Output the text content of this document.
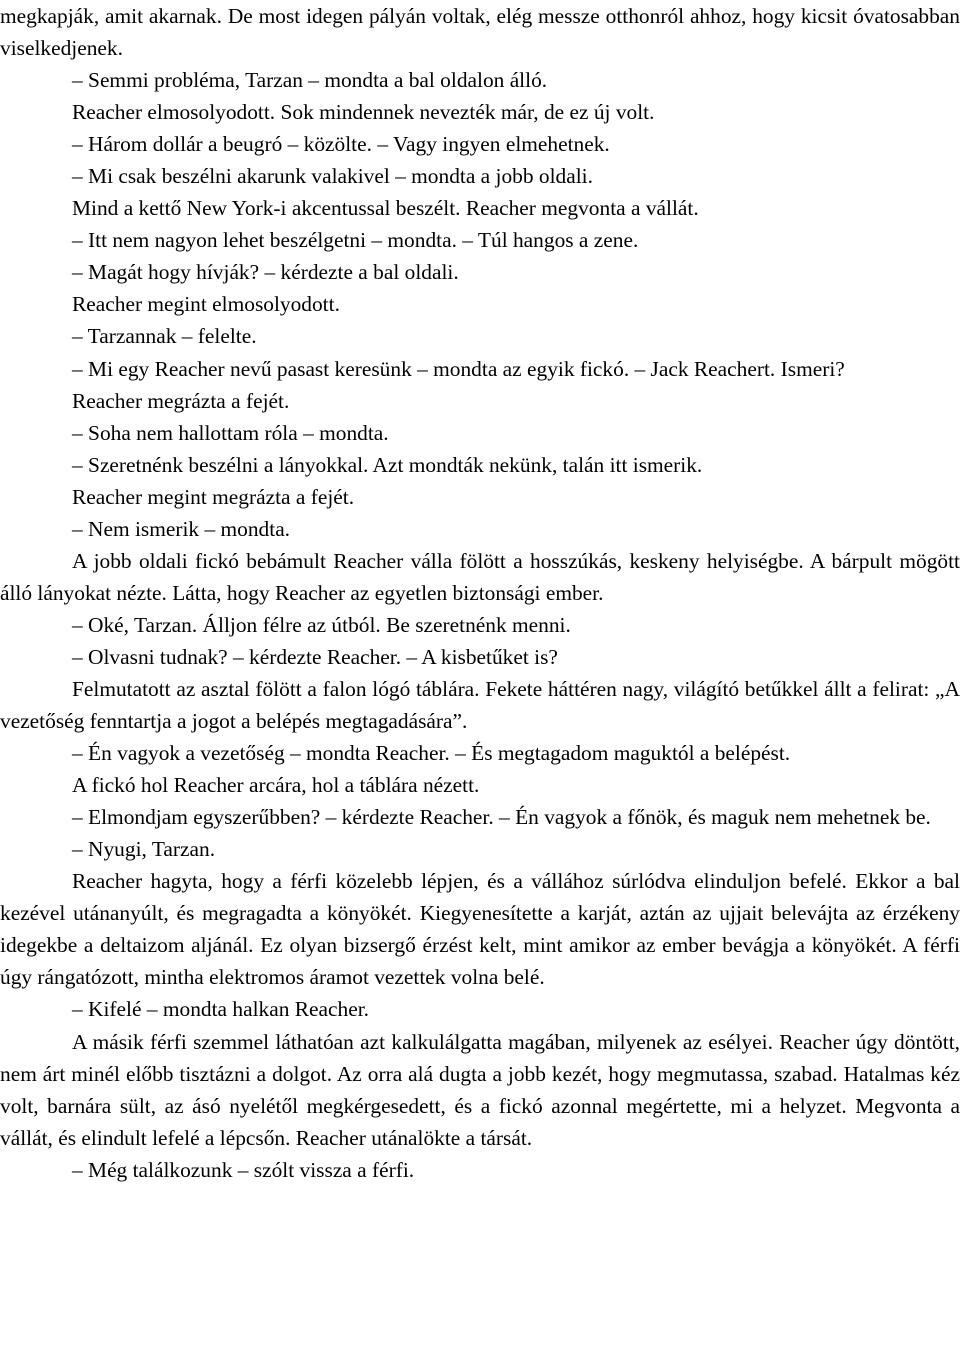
megkapják, amit akarnak. De most idegen pályán voltak, elég messze otthonról ahhoz, hogy kicsit óvatosabban viselkedjenek.

– Semmi probléma, Tarzan – mondta a bal oldalon álló.

Reacher elmosolyodott. Sok mindennek nevezték már, de ez új volt.

– Három dollár a beugró – közölte. – Vagy ingyen elmehetnek.

– Mi csak beszélni akarunk valakivel – mondta a jobb oldali.

Mind a kettő New York-i akcentussal beszélt. Reacher megvonta a vállát.

– Itt nem nagyon lehet beszélgetni – mondta. – Túl hangos a zene.

– Magát hogy hívják? – kérdezte a bal oldali.

Reacher megint elmosolyodott.

– Tarzannak – felelte.

– Mi egy Reacher nevű pasast keresünk – mondta az egyik fickó. – Jack Reachert. Ismeri?

Reacher megrázta a fejét.

– Soha nem hallottam róla – mondta.

– Szeretnénk beszélni a lányokkal. Azt mondták nekünk, talán itt ismerik.

Reacher megint megrázta a fejét.

– Nem ismerik – mondta.

A jobb oldali fickó bebámult Reacher válla fölött a hosszúkás, keskeny helyiségbe. A bárpult mögött álló lányokat nézte. Látta, hogy Reacher az egyetlen biztonsági ember.

– Oké, Tarzan. Álljon félre az útból. Be szeretnénk menni.

– Olvasni tudnak? – kérdezte Reacher. – A kisbetűket is?

Felmutatott az asztal fölött a falon lógó táblára. Fekete háttéren nagy, világító betűkkel állt a felirat: „A vezetőség fenntartja a jogot a belépés megtagadására”.

– Én vagyok a vezetőség – mondta Reacher. – És megtagadom maguktól a belépést.

A fickó hol Reacher arcára, hol a táblára nézett.

– Elmondjam egyszerűbben? – kérdezte Reacher. – Én vagyok a főnök, és maguk nem mehetnek be.

– Nyugi, Tarzan.

Reacher hagyta, hogy a férfi közelebb lépjen, és a vállához súrlódva elinduljon befelé. Ekkor a bal kezével utánanyúlt, és megragadta a könyökét. Kiegyenesítette a karját, aztán az ujjait belevájta az érzékeny idegekbe a deltaizom aljánál. Ez olyan bizsergő érzést kelt, mint amikor az ember bevágja a könyökét. A férfi úgy rángatózott, mintha elektromos áramot vezettek volna belé.

– Kifelé – mondta halkan Reacher.

A másik férfi szemmel láthatóan azt kalkulálgatta magában, milyenek az esélyei. Reacher úgy döntött, nem árt minél előbb tisztázni a dolgot. Az orra alá dugta a jobb kezét, hogy megmutassa, szabad. Hatalmas kéz volt, barnára sült, az ásó nyelétől megkérgesedett, és a fickó azonnal megértette, mi a helyzet. Megvonta a vállát, és elindult lefelé a lépcsőn. Reacher utánalökte a társát.

– Még találkozunk – szólt vissza a férfi.
